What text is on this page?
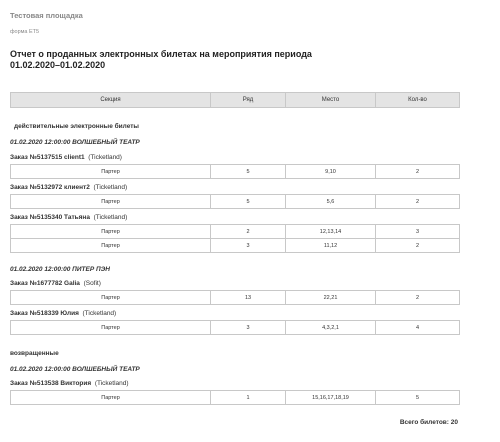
Тестовая площадка
форма ЕТ5
Отчет о проданных электронных билетах на мероприятия периода
01.02.2020–01.02.2020
Секция	Ряд	Место	Кол-во
действительные электронные билеты
01.02.2020 12:00:00 ВОЛШЕБНЫЙ ТЕАТР
Заказ №5137515 client1 (Ticketland)
Партер	5	9,10	2
Заказ №5132972 клиент2 (Ticketland)
Партер	5	5,6	2
Заказ №5135340 Татьяна (Ticketland)
Партер	2	12,13,14	3
Партер	3	11,12	2
01.02.2020 12:00:00 ПИТЕР ПЭН
Заказ №1677782 Galia (Sofit)
Партер	13	22,21	2
Заказ №518339 Юлия (Ticketland)
Партер	3	4,3,2,1	4
возвращенные
01.02.2020 12:00:00 ВОЛШЕБНЫЙ ТЕАТР
Заказ №513538 Виктория (Ticketland)
Партер	1	15,16,17,18,19	5
Всего билетов: 20
